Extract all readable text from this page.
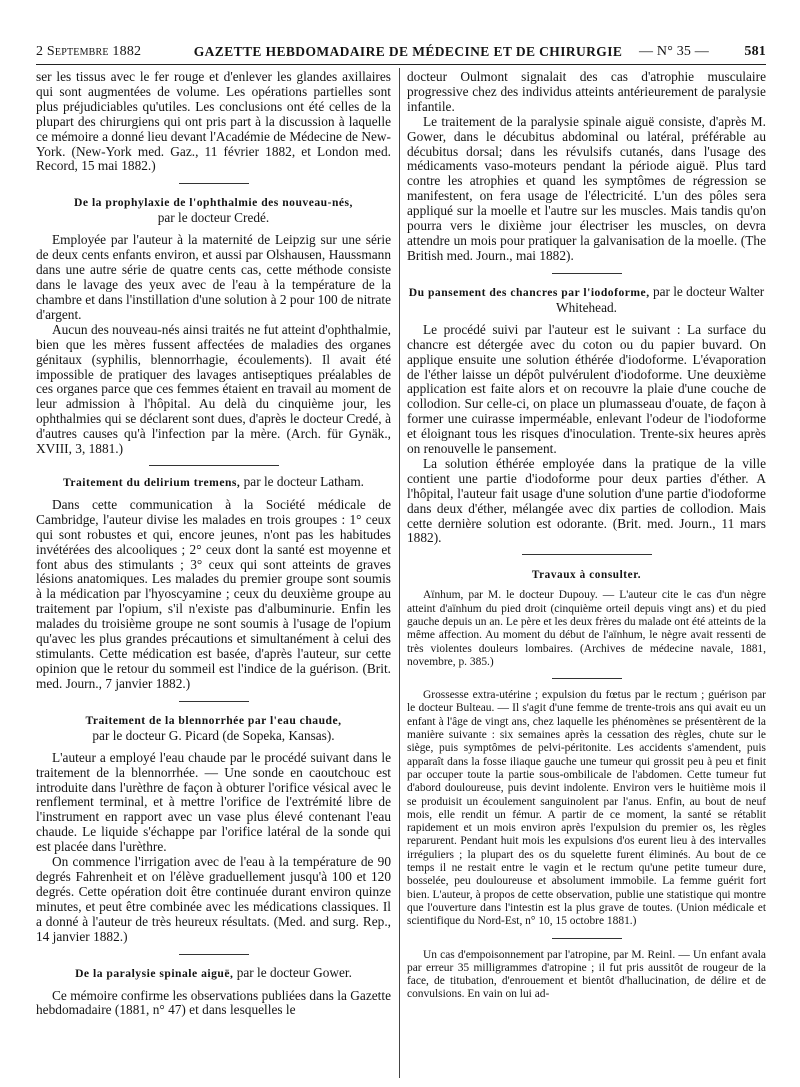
2 Septembre 1882	GAZETTE HEBDOMADAIRE DE MÉDECINE ET DE CHIRURGIE — N° 35 —	581

ser les tissus avec le fer rouge et d'enlever les glandes axillaires qui sont augmentées de volume. Les opérations partielles sont plus préjudiciables qu'utiles. Les conclusions ont été celles de la plupart des chirurgiens qui ont pris part à la discussion à laquelle ce mémoire a donné lieu devant l'Académie de Médecine de New-York. (New-York med. Gaz., 11 février 1882, et London med. Record, 15 mai 1882.)

De la prophylaxie de l'ophthalmie des nouveau-nés,
par le docteur Credé.

Employée par l'auteur à la maternité de Leipzig sur une série de deux cents enfants environ, et aussi par Olshausen, Haussmann dans une autre série de quatre cents cas, cette méthode consiste dans le lavage des yeux avec de l'eau à la température de la chambre et dans l'instillation d'une solution à 2 pour 100 de nitrate d'argent.

Aucun des nouveau-nés ainsi traités ne fut atteint d'ophthalmie, bien que les mères fussent affectées de maladies des organes génitaux (syphilis, blennorrhagie, écoulements). Il avait été impossible de pratiquer des lavages antiseptiques préalables de ces organes parce que ces femmes étaient en travail au moment de leur admission à l'hôpital. Au delà du cinquième jour, les ophthalmies qui se déclarent sont dues, d'après le docteur Credé, à d'autres causes qu'à l'infection par la mère. (Arch. für Gynäk., XVIII, 3, 1881.)

Traitement du delirium tremens, par le docteur Latham.

Dans cette communication à la Société médicale de Cambridge, l'auteur divise les malades en trois groupes : 1° ceux qui sont robustes et qui, encore jeunes, n'ont pas les habitudes invétérées des alcooliques ; 2° ceux dont la santé est moyenne et font abus des stimulants ; 3° ceux qui sont atteints de graves lésions anatomiques. Les malades du premier groupe sont soumis à la médication par l'hyoscyamine ; ceux du deuxième groupe au traitement par l'opium, s'il n'existe pas d'albuminurie. Enfin les malades du troisième groupe ne sont soumis à l'usage de l'opium qu'avec les plus grandes précautions et simultanément à celui des stimulants. Cette médication est basée, d'après l'auteur, sur cette opinion que le retour du sommeil est l'indice de la guérison. (Brit. med. Journ., 7 janvier 1882.)

Traitement de la blennorrhée par l'eau chaude,
par le docteur G. Picard (de Sopeka, Kansas).

L'auteur a employé l'eau chaude par le procédé suivant dans le traitement de la blennorrhée. — Une sonde en caoutchouc est introduite dans l'urèthre de façon à obturer l'orifice vésical avec le renflement terminal, et à mettre l'orifice de l'extrémité libre de l'instrument en rapport avec un vase plus élevé contenant l'eau chaude. Le liquide s'échappe par l'orifice latéral de la sonde qui est placée dans l'urèthre.

On commence l'irrigation avec de l'eau à la température de 90 degrés Fahrenheit et on l'élève graduellement jusqu'à 100 et 120 degrés. Cette opération doit être continuée durant environ quinze minutes, et peut être combinée avec les médications classiques. Il a donné à l'auteur de très heureux résultats. (Med. and surg. Rep., 14 janvier 1882.)

De la paralysie spinale aiguë, par le docteur Gower.

Ce mémoire confirme les observations publiées dans la Gazette hebdomadaire (1881, n° 47) et dans lesquelles le

docteur Oulmont signalait des cas d'atrophie musculaire progressive chez des individus atteints antérieurement de paralysie infantile.

Le traitement de la paralysie spinale aiguë consiste, d'après M. Gower, dans le décubitus abdominal ou latéral, préférable au décubitus dorsal; dans les révulsifs cutanés, dans l'usage des médicaments vaso-moteurs pendant la période aiguë. Plus tard contre les atrophies et quand les symptômes de régression se manifestent, on fera usage de l'électricité. L'un des pôles sera appliqué sur la moelle et l'autre sur les muscles. Mais tandis qu'on pourra vers le dixième jour électriser les muscles, on devra attendre un mois pour pratiquer la galvanisation de la moelle. (The British med. Journ., mai 1882).

Du pansement des chancres par l'iodoforme, par le docteur Walter Whitehead.

Le procédé suivi par l'auteur est le suivant : La surface du chancre est détergée avec du coton ou du papier buvard. On applique ensuite une solution éthérée d'iodoforme. L'évaporation de l'éther laisse un dépôt pulvérulent d'iodoforme. Une deuxième application est faite alors et on recouvre la plaie d'une couche de collodion. Sur celle-ci, on place un plumasseau d'ouate, de façon à former une cuirasse imperméable, enlevant l'odeur de l'iodoforme et éloignant tous les risques d'inoculation. Trente-six heures après on renouvelle le pansement.

La solution éthérée employée dans la pratique de la ville contient une partie d'iodoforme pour deux parties d'éther. A l'hôpital, l'auteur fait usage d'une solution d'une partie d'iodoforme dans deux d'éther, mélangée avec dix parties de collodion. Mais cette dernière solution est odorante. (Brit. med. Journ., 11 mars 1882).

Travaux à consulter.

Aïnhum, par M. le docteur Dupouy. — L'auteur cite le cas d'un nègre atteint d'aïnhum du pied droit (cinquième orteil depuis vingt ans) et du pied gauche depuis un an. Le père et les deux frères du malade ont été atteints de la même affection. Au moment du début de l'aïnhum, le nègre avait ressenti de très violentes douleurs lombaires. (Archives de médecine navale, 1881, novembre, p. 385.)

Grossesse extra-utérine ; expulsion du fœtus par le rectum ; guérison par le docteur Bulteau. — Il s'agit d'une femme de trente-trois ans qui avait eu un enfant à l'âge de vingt ans, chez laquelle les phénomènes se présentèrent de la manière suivante : six semaines après la cessation des règles, chute sur le siège, puis symptômes de pelvi-péritonite. Les accidents s'amendent, puis apparaît dans la fosse iliaque gauche une tumeur qui grossit peu à peu et finit par occuper toute la partie sous-ombilicale de l'abdomen. Cette tumeur fut d'abord douloureuse, puis devint indolente. Environ vers le huitième mois il se produisit un écoulement sanguinolent par l'anus. Enfin, au bout de neuf mois, elle rendit un fémur. A partir de ce moment, la santé se rétablit rapidement et un mois environ après l'expulsion du premier os, les règles reparurent. Pendant huit mois les expulsions d'os eurent lieu à des intervalles irréguliers ; la plupart des os du squelette furent éliminés. Au bout de ce temps il ne restait entre le vagin et le rectum qu'une petite tumeur dure, bosselée, peu douloureuse et absolument immobile. La femme guérit fort bien. L'auteur, à propos de cette observation, publie une statistique qui montre que l'ouverture dans l'intestin est la plus grave de toutes. (Union médicale et scientifique du Nord-Est, n° 10, 15 octobre 1881.)

Un cas d'empoisonnement par l'atropine, par M. Reinl. — Un enfant avala par erreur 35 milligrammes d'atropine ; il fut pris aussitôt de rougeur de la face, de titubation, d'enrouement et bientôt d'hallucination, de délire et de convulsions. En vain on lui ad-
